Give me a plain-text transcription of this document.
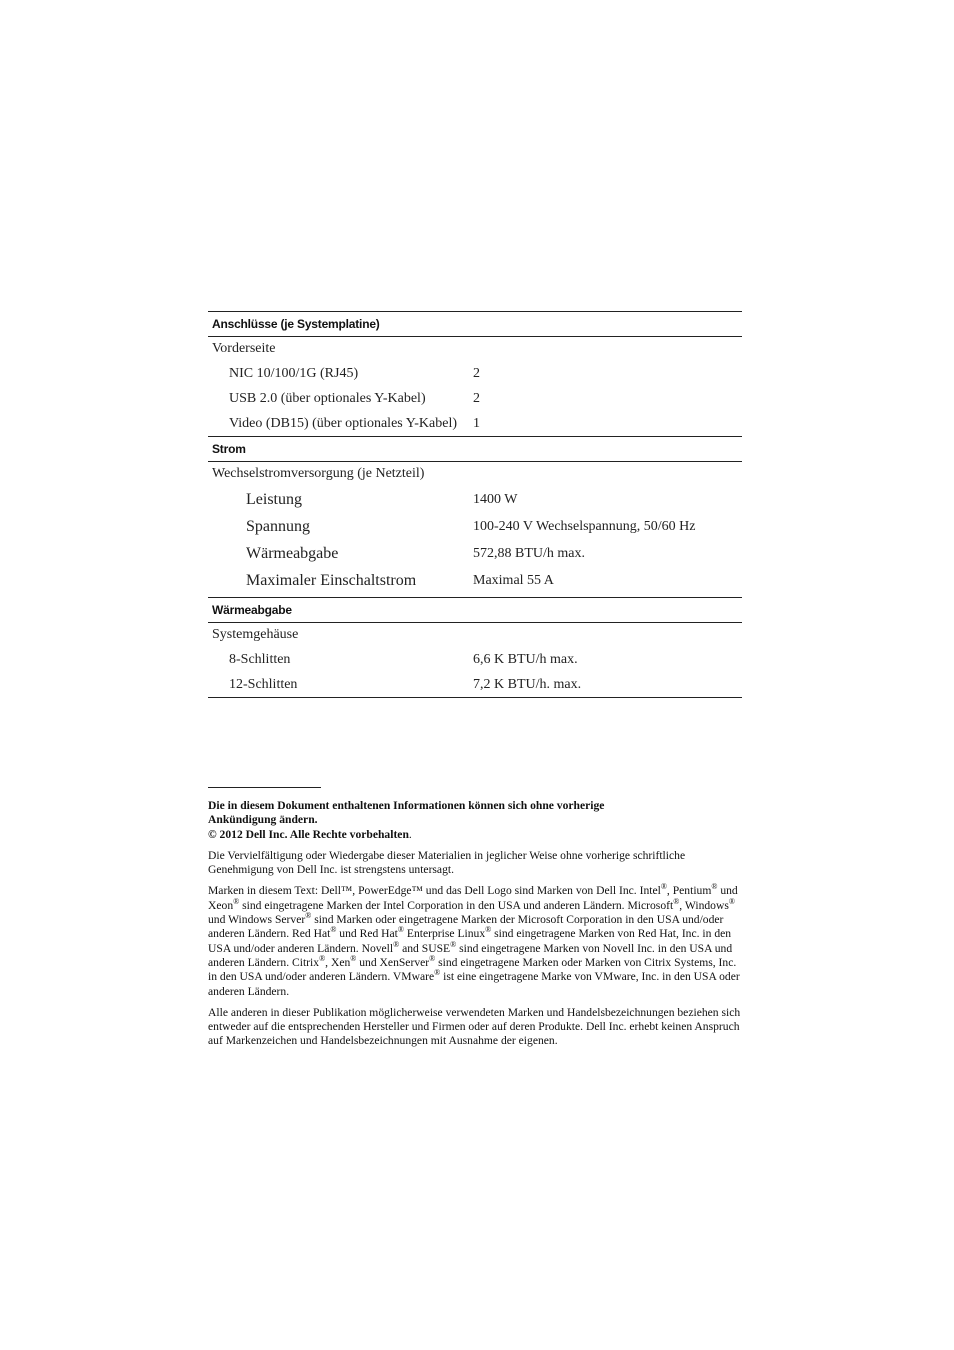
Anschlüsse (je Systemplatine)
Vorderseite
NIC 10/100/1G (RJ45)	2
USB 2.0 (über optionales Y-Kabel)	2
Video (DB15) (über optionales Y-Kabel)	1
Strom
Wechselstromversorgung (je Netzteil)
Leistung	1400 W
Spannung	100-240 V Wechselspannung, 50/60 Hz
Wärmeabgabe	572,88 BTU/h max.
Maximaler Einschaltstrom	Maximal 55 A
Wärmeabgabe
Systemgehäuse
8-Schlitten	6,6 K BTU/h max.
12-Schlitten	7,2 K BTU/h. max.

Die in diesem Dokument enthaltenen Informationen können sich ohne vorherige
Ankündigung ändern.
© 2012 Dell Inc. Alle Rechte vorbehalten.

Die Vervielfältigung oder Wiedergabe dieser Materialien in jeglicher Weise ohne vorherige schriftliche Genehmigung von Dell Inc. ist strengstens untersagt.

Marken in diesem Text: Dell™, PowerEdge™ und das Dell Logo sind Marken von Dell Inc. Intel®, Pentium® und Xeon® sind eingetragene Marken der Intel Corporation in den USA und anderen Ländern. Microsoft®, Windows® und Windows Server® sind Marken oder eingetragene Marken der Microsoft Corporation in den USA und/oder anderen Ländern. Red Hat® und Red Hat® Enterprise Linux® sind eingetragene Marken von Red Hat, Inc. in den USA und/oder anderen Ländern. Novell® and SUSE® sind eingetragene Marken von Novell Inc. in den USA und anderen Ländern. Citrix®, Xen® und XenServer® sind eingetragene Marken oder Marken von Citrix Systems, Inc. in den USA und/oder anderen Ländern. VMware® ist eine eingetragene Marke von VMware, Inc. in den USA oder anderen Ländern.

Alle anderen in dieser Publikation möglicherweise verwendeten Marken und Handelsbezeichnungen beziehen sich entweder auf die entsprechenden Hersteller und Firmen oder auf deren Produkte. Dell Inc. erhebt keinen Anspruch auf Markenzeichen und Handelsbezeichnungen mit Ausnahme der eigenen.
